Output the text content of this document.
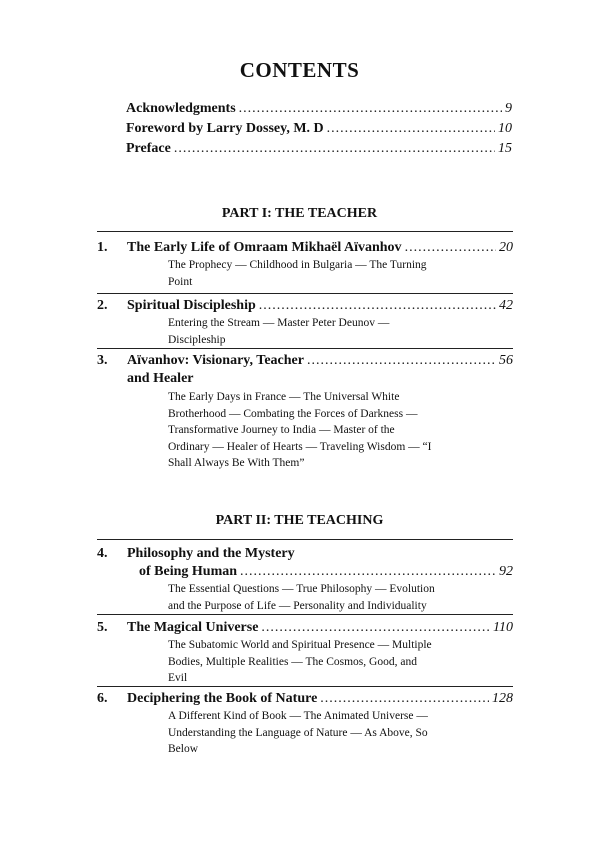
CONTENTS
Acknowledgments .....	9
Foreword by Larry Dossey, M. D .....	10
Preface .....	15
PART I: THE TEACHER
1. The Early Life of Omraam Mikhaël Aïvanhov .....	20
The Prophecy — Childhood in Bulgaria — The Turning Point
2. Spiritual Discipleship .....	42
Entering the Stream — Master Peter Deunov — Discipleship
3. Aïvanhov: Visionary, Teacher .....	56
and Healer
The Early Days in France — The Universal White Brotherhood — Combating the Forces of Darkness — Transformative Journey to India — Master of the Ordinary — Healer of Hearts — Traveling Wisdom — “I Shall Always Be With Them”
PART II: THE TEACHING
4. Philosophy and the Mystery
of Being Human .....	92
The Essential Questions — True Philosophy — Evolution and the Purpose of Life — Personality and Individuality
5. The Magical Universe .....	110
The Subatomic World and Spiritual Presence — Multiple Bodies, Multiple Realities — The Cosmos, Good, and Evil
6. Deciphering the Book of Nature .....	128
A Different Kind of Book — The Animated Universe — Understanding the Language of Nature — As Above, So Below
